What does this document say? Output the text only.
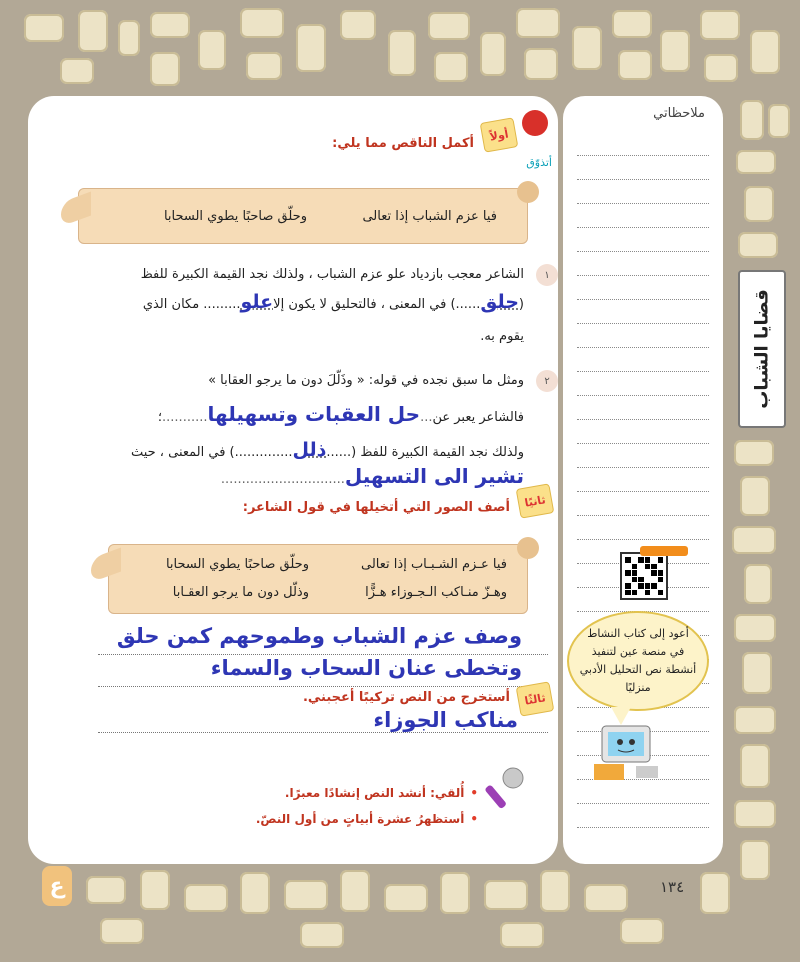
قضايا الشباب
أولاً
أكمل الناقص مما يلي:
أتذوّق
فيا عزم الشباب إذا تعالى
وحلّق صاحبًا يطوي السحابا
١
الشاعر معجب بازدياد علو عزم الشباب ، ولذلك نجد القيمة الكبيرة للفظ
(حلق......) في المعنى ، فالتحليق لا يكون إلاعلو......... مكان الذي
يقوم به.
٢
ومثل ما سبق نجده في قوله: « وذَلّلَ دون ما يرجو العقابا »
فالشاعر يعبر عن...حل العقبات وتسهيلها...........؛
ولذلك نجد القيمة الكبيرة للفظ (......ذلل..............) في المعنى ، حيث
تشير الى التسهيل..............................
ثانيًا
أصف الصور التي أتخيلها في قول الشاعر:
فيا عـزم الشـبـاب إذا تعالى
وحلّق صاحبًا يطوي السحابا
وهـزّ منـاكب الـجـوزاء هـزًّا
وذلّل دون ما يرجو العقـابا
وصف عزم الشباب وطموحهم كمن حلق
وتخطى عنان السحاب والسماء
ثالثًا
أستخرج من النص تركيبًا أعجبني.
مناكب الجوزاء
•أُلقي: أنشد النص إنشادًا معبرًا.
•أستظهرُ عشرة أبياتٍ من أول النصّ.
ملاحظاتي
أعود إلى كتاب النشاط في منصة عين لتنفيذ أنشطة نص التحليل الأدبي منزليًا
١٣٤
ع
